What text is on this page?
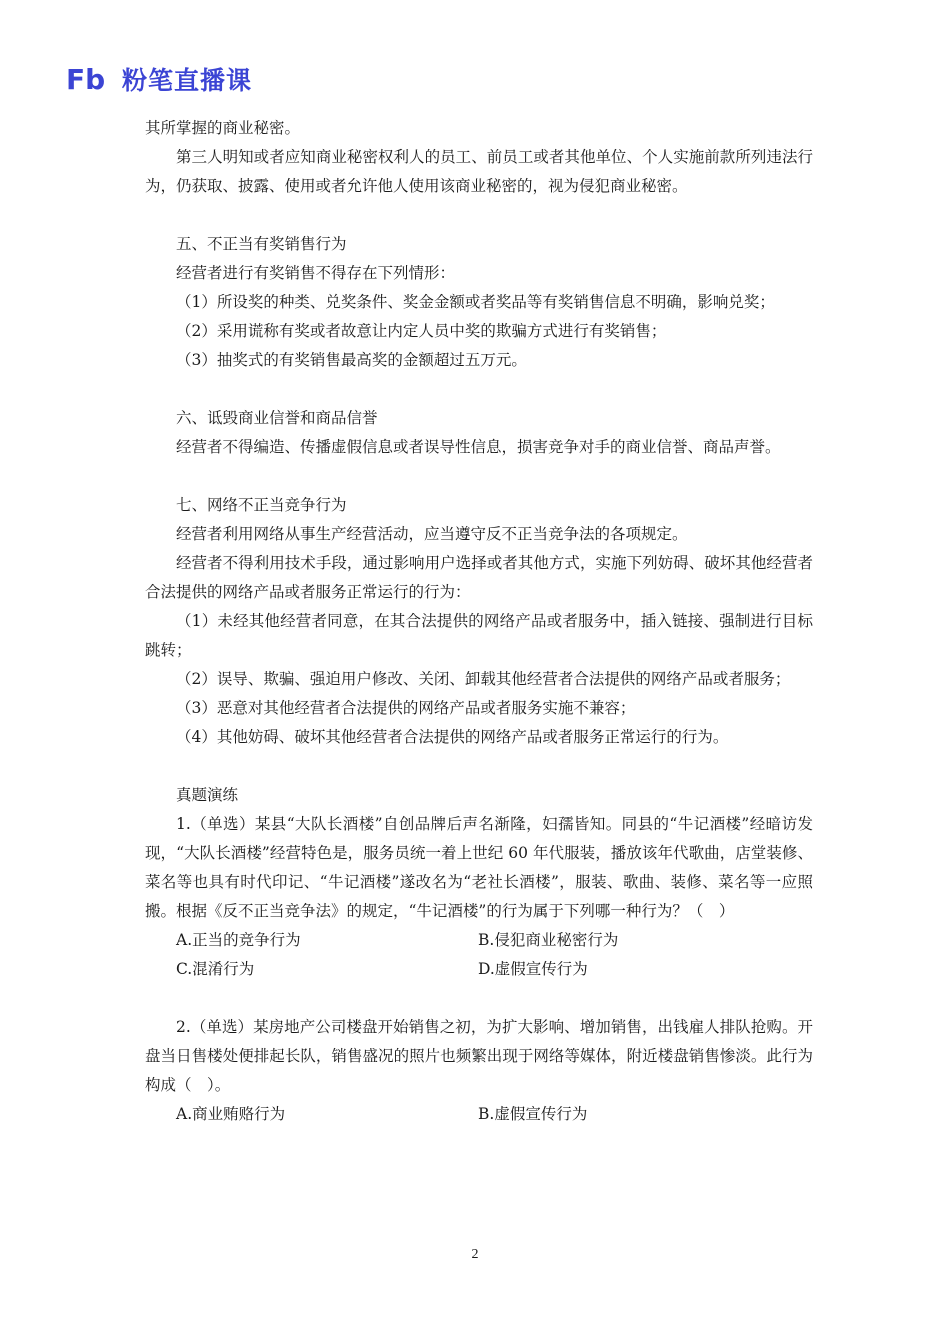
Fb 粉笔直播课

其所掌握的商业秘密。

第三人明知或者应知商业秘密权利人的员工、前员工或者其他单位、个人实施前款所列违法行为，仍获取、披露、使用或者允许他人使用该商业秘密的，视为侵犯商业秘密。

五、不正当有奖销售行为

经营者进行有奖销售不得存在下列情形：

（1）所设奖的种类、兑奖条件、奖金金额或者奖品等有奖销售信息不明确，影响兑奖；

（2）采用谎称有奖或者故意让内定人员中奖的欺骗方式进行有奖销售；

（3）抽奖式的有奖销售最高奖的金额超过五万元。

六、诋毁商业信誉和商品信誉

经营者不得编造、传播虚假信息或者误导性信息，损害竞争对手的商业信誉、商品声誉。

七、网络不正当竞争行为

经营者利用网络从事生产经营活动，应当遵守反不正当竞争法的各项规定。

经营者不得利用技术手段，通过影响用户选择或者其他方式，实施下列妨碍、破坏其他经营者合法提供的网络产品或者服务正常运行的行为：

（1）未经其他经营者同意，在其合法提供的网络产品或者服务中，插入链接、强制进行目标跳转；

（2）误导、欺骗、强迫用户修改、关闭、卸载其他经营者合法提供的网络产品或者服务；

（3）恶意对其他经营者合法提供的网络产品或者服务实施不兼容；

（4）其他妨碍、破坏其他经营者合法提供的网络产品或者服务正常运行的行为。

真题演练

1.（单选）某县“大队长酒楼”自创品牌后声名渐隆，妇孺皆知。同县的“牛记酒楼”经暗访发现，“大队长酒楼”经营特色是，服务员统一着上世纪 60 年代服装，播放该年代歌曲，店堂装修、菜名等也具有时代印记、“牛记酒楼”遂改名为“老社长酒楼”，服装、歌曲、装修、菜名等一应照搬。根据《反不正当竞争法》的规定，“牛记酒楼”的行为属于下列哪一种行为？（　）

A.正当的竞争行为	B.侵犯商业秘密行为
C.混淆行为	D.虚假宣传行为

2.（单选）某房地产公司楼盘开始销售之初，为扩大影响、增加销售，出钱雇人排队抢购。开盘当日售楼处便排起长队，销售盛况的照片也频繁出现于网络等媒体，附近楼盘销售惨淡。此行为构成（　）。

A.商业贿赂行为	B.虚假宣传行为
2
